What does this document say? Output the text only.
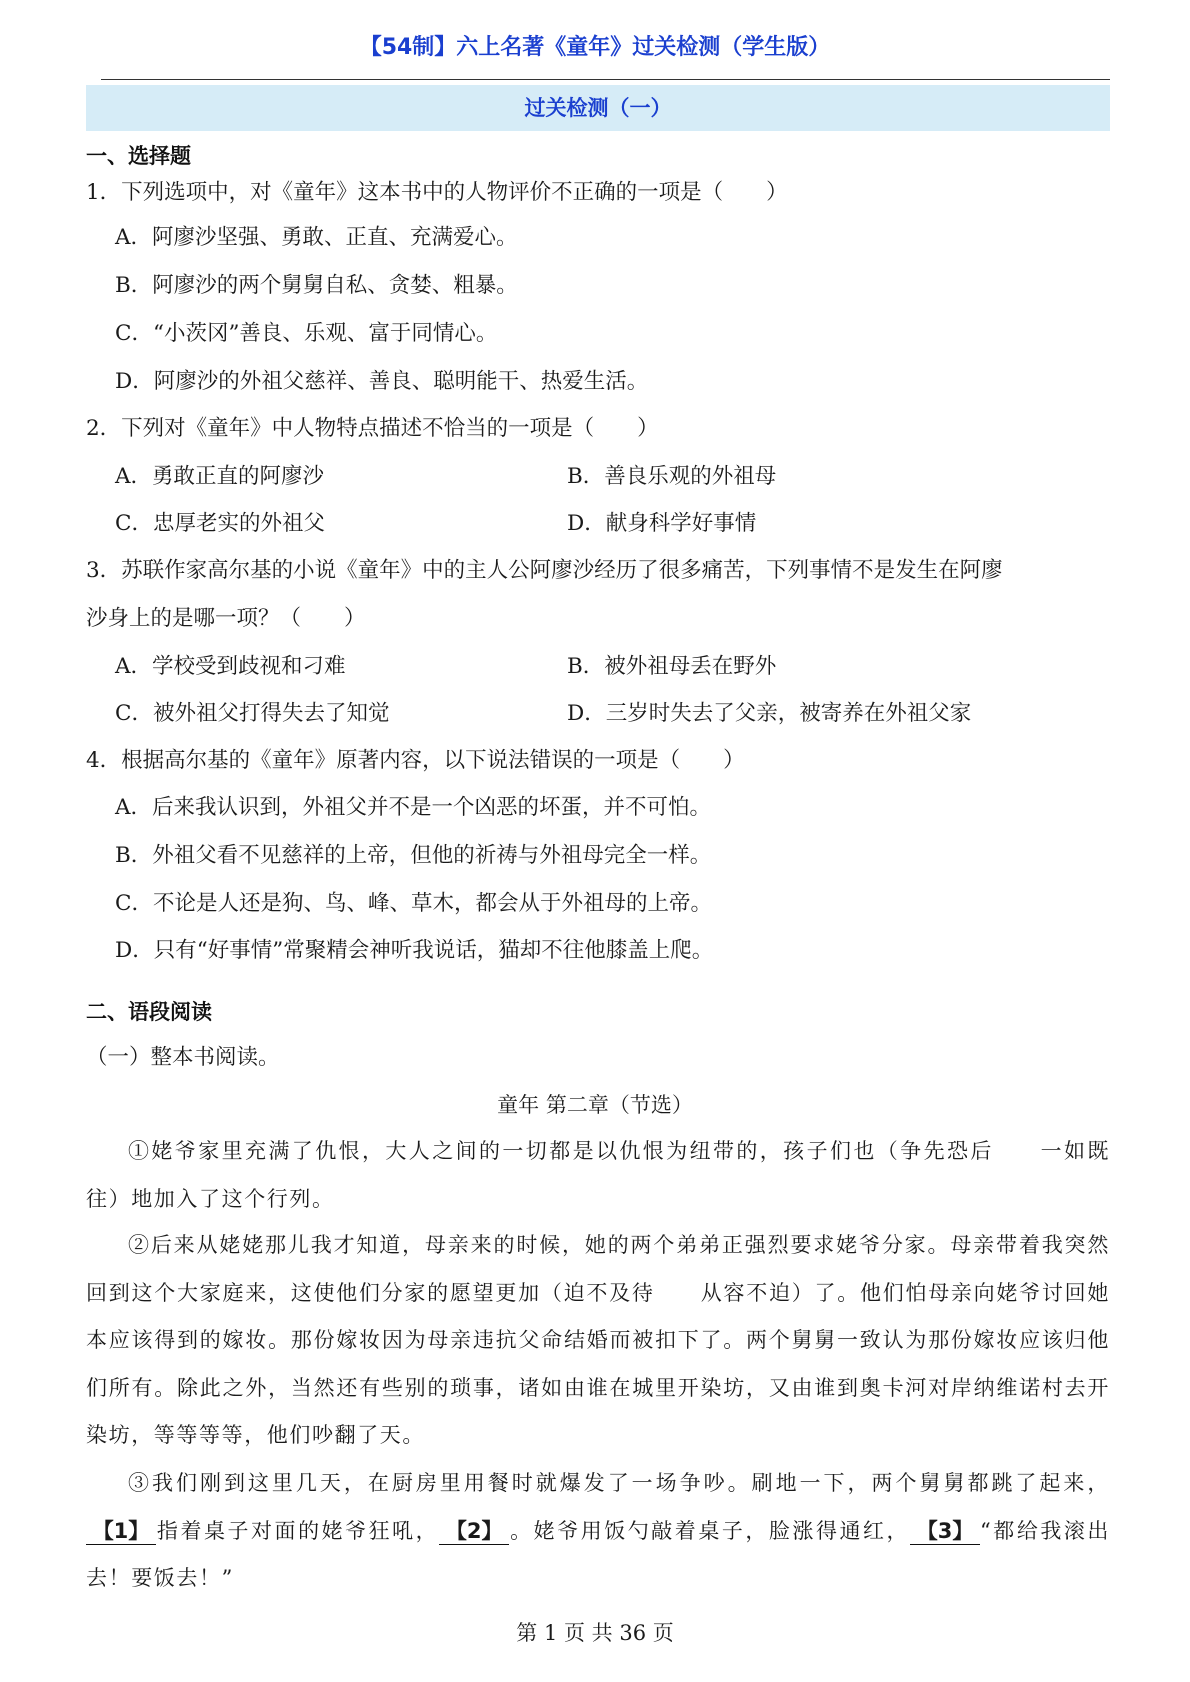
【54制】六上名著《童年》过关检测（学生版）
过关检测（一）
一、选择题
1．下列选项中，对《童年》这本书中的人物评价不正确的一项是（　　）
A．阿廖沙坚强、勇敢、正直、充满爱心。
B．阿廖沙的两个舅舅自私、贪婪、粗暴。
C．“小茨冈”善良、乐观、富于同情心。
D．阿廖沙的外祖父慈祥、善良、聪明能干、热爱生活。
2．下列对《童年》中人物特点描述不恰当的一项是（　　）
A．勇敢正直的阿廖沙	B．善良乐观的外祖母
C．忠厚老实的外祖父	D．献身科学好事情
3．苏联作家高尔基的小说《童年》中的主人公阿廖沙经历了很多痛苦，下列事情不是发生在阿廖
沙身上的是哪一项？（　　）
A．学校受到歧视和刁难	B．被外祖母丢在野外
C．被外祖父打得失去了知觉	D．三岁时失去了父亲，被寄养在外祖父家
4．根据高尔基的《童年》原著内容，以下说法错误的一项是（　　）
A．后来我认识到，外祖父并不是一个凶恶的坏蛋，并不可怕。
B．外祖父看不见慈祥的上帝，但他的祈祷与外祖母完全一样。
C．不论是人还是狗、鸟、峰、草木，都会从于外祖母的上帝。
D．只有“好事情”常聚精会神听我说话，猫却不往他膝盖上爬。
二、语段阅读
（一）整本书阅读。
童年 第二章（节选）
①姥爷家里充满了仇恨，大人之间的一切都是以仇恨为纽带的，孩子们也（争先恐后 一如既往）地加入了这个行列。
②后来从姥姥那儿我才知道，母亲来的时候，她的两个弟弟正强烈要求姥爷分家。母亲带着我突然回到这个大家庭来，这使他们分家的愿望更加（迫不及待 从容不迫）了。他们怕母亲向姥爷讨回她本应该得到的嫁妆。那份嫁妆因为母亲违抗父命结婚而被扣下了。两个舅舅一致认为那份嫁妆应该归他们所有。除此之外，当然还有些别的琐事，诸如由谁在城里开染坊，又由谁到奥卡河对岸纳维诺村去开染坊，等等等等，他们吵翻了天。
③我们刚到这里几天，在厨房里用餐时就爆发了一场争吵。刷地一下，两个舅舅都跳了起来，【1】 指着桌子对面的姥爷狂吼， 【2】 。姥爷用饭勺敲着桌子，脸涨得通红， 【3】 “都给我滚出去！要饭去！”
第 1 页 共 36 页
